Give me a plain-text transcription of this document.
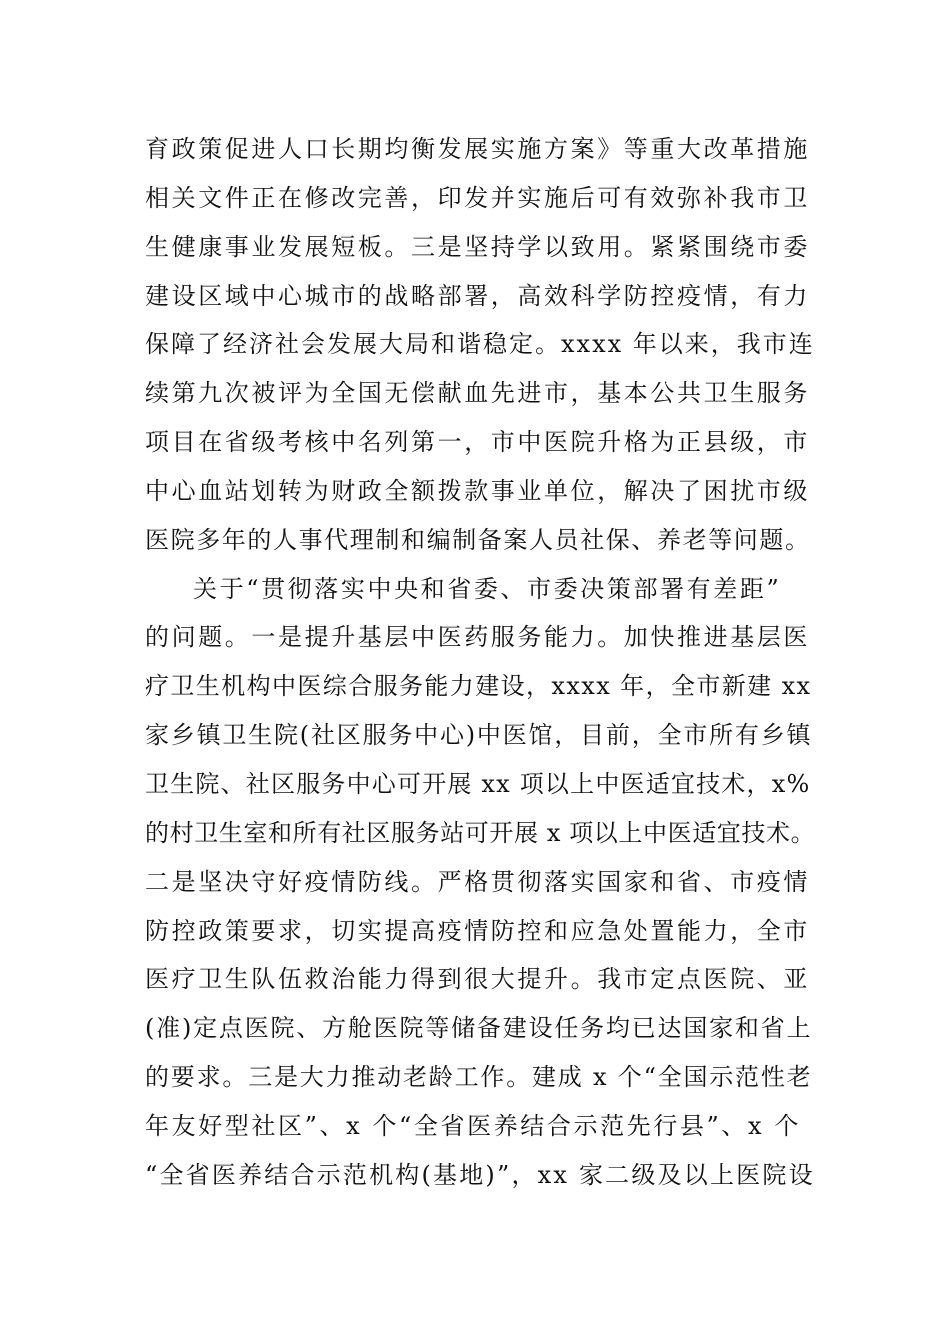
育政策促进人口长期均衡发展实施方案》等重大改革措施
相关文件正在修改完善，印发并实施后可有效弥补我市卫
生健康事业发展短板。三是坚持学以致用。紧紧围绕市委
建设区域中心城市的战略部署，高效科学防控疫情，有力
保障了经济社会发展大局和谐稳定。xxxx 年以来，我市连
续第九次被评为全国无偿献血先进市，基本公共卫生服务
项目在省级考核中名列第一，市中医院升格为正县级，市
中心血站划转为财政全额拨款事业单位，解决了困扰市级
医院多年的人事代理制和编制备案人员社保、养老等问题。
关于“贯彻落实中央和省委、市委决策部署有差距”
的问题。一是提升基层中医药服务能力。加快推进基层医
疗卫生机构中医综合服务能力建设，xxxx 年，全市新建 xx
家乡镇卫生院(社区服务中心)中医馆，目前，全市所有乡镇
卫生院、社区服务中心可开展 xx 项以上中医适宜技术，x%
的村卫生室和所有社区服务站可开展 x 项以上中医适宜技术。
二是坚决守好疫情防线。严格贯彻落实国家和省、市疫情
防控政策要求，切实提高疫情防控和应急处置能力，全市
医疗卫生队伍救治能力得到很大提升。我市定点医院、亚
(准)定点医院、方舱医院等储备建设任务均已达国家和省上
的要求。三是大力推动老龄工作。建成 x 个“全国示范性老
年友好型社区”、x 个“全省医养结合示范先行县”、x 个
“全省医养结合示范机构(基地)”，xx 家二级及以上医院设
